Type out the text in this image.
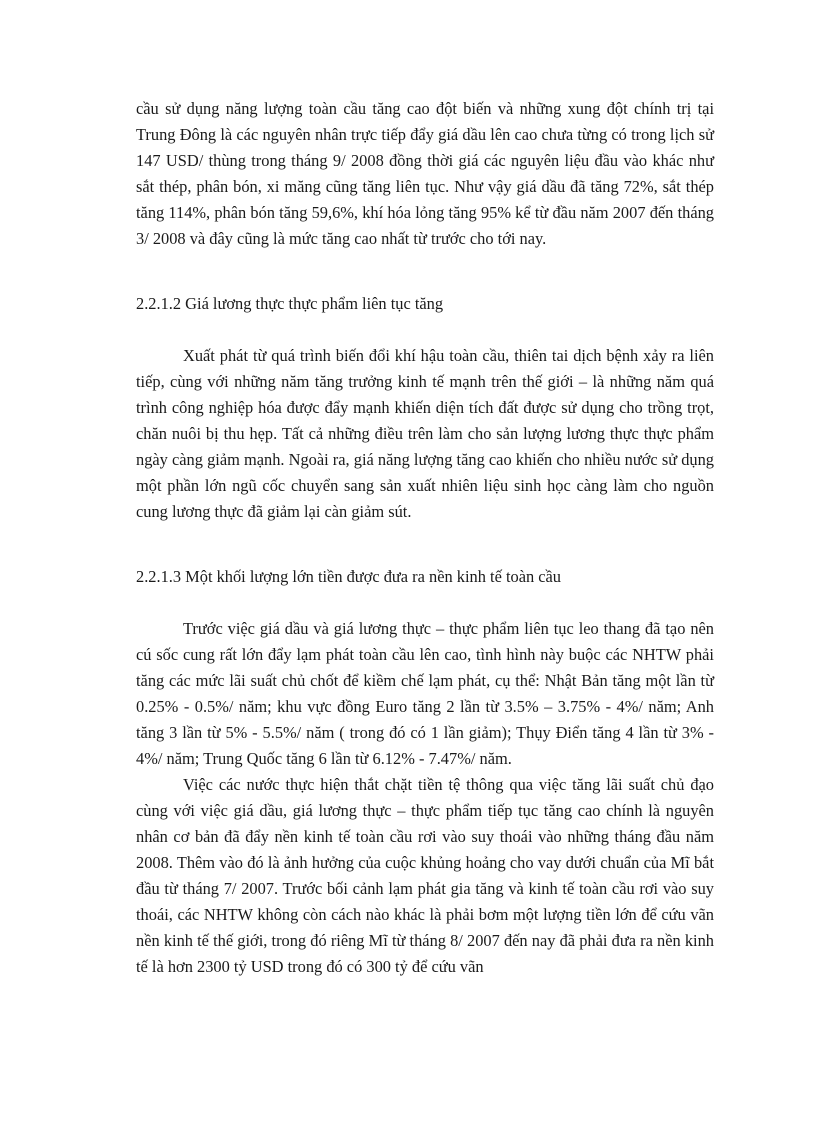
cầu sử dụng năng lượng toàn cầu tăng cao đột biến và những xung đột chính trị tại Trung Đông là các nguyên nhân trực tiếp đẩy giá dầu lên cao chưa từng có trong lịch sử 147 USD/ thùng trong tháng 9/ 2008 đồng thời giá các nguyên liệu đầu vào khác như sắt thép, phân bón, xi măng cũng tăng liên tục. Như vậy giá dầu đã tăng 72%, sắt thép tăng 114%, phân bón tăng 59,6%, khí hóa lỏng tăng 95% kể từ đầu năm 2007 đến tháng 3/ 2008 và đây cũng là mức tăng cao nhất từ trước cho tới nay.

2.2.1.2 Giá lương thực thực phẩm liên tục tăng

Xuất phát từ quá trình biến đổi khí hậu toàn cầu, thiên tai dịch bệnh xảy ra liên tiếp, cùng với những năm tăng trưởng kinh tế mạnh trên thế giới – là những năm quá trình công nghiệp hóa được đẩy mạnh khiến diện tích đất được sử dụng cho trồng trọt, chăn nuôi bị thu hẹp. Tất cả những điều trên làm cho sản lượng lương thực thực phẩm ngày càng giảm mạnh. Ngoài ra, giá năng lượng tăng cao khiến cho nhiều nước sử dụng một phần lớn ngũ cốc chuyển sang sản xuất nhiên liệu sinh học càng làm cho nguồn cung lương thực đã giảm lại càn giảm sút.

2.2.1.3 Một khối lượng lớn tiền được đưa ra nền kinh tế toàn cầu

Trước việc giá dầu và giá lương thực – thực phẩm liên tục leo thang đã tạo nên cú sốc cung rất lớn đẩy lạm phát toàn cầu lên cao, tình hình này buộc các NHTW phải tăng các mức lãi suất chủ chốt để kiềm chế lạm phát, cụ thể: Nhật Bản tăng một lần từ 0.25% - 0.5%/ năm; khu vực đồng Euro tăng 2 lần từ 3.5% – 3.75% - 4%/ năm; Anh tăng 3 lần từ 5% - 5.5%/ năm ( trong đó có 1 lần giảm); Thụy Điển tăng 4 lần từ 3% - 4%/ năm; Trung Quốc tăng 6 lần từ 6.12% - 7.47%/ năm.

Việc các nước thực hiện thắt chặt tiền tệ thông qua việc tăng lãi suất chủ đạo cùng với việc giá dầu, giá lương thực – thực phẩm tiếp tục tăng cao chính là nguyên nhân cơ bản đã đẩy nền kinh tế toàn cầu rơi vào suy thoái vào những tháng đầu năm 2008. Thêm vào đó là ảnh hưởng của cuộc khủng hoảng cho vay dưới chuẩn của Mĩ bắt đầu từ tháng 7/ 2007. Trước bối cảnh lạm phát gia tăng và kinh tế toàn cầu rơi vào suy thoái, các NHTW không còn cách nào khác là phải bơm một lượng tiền lớn để cứu vãn nền kinh tế thế giới, trong đó riêng Mĩ từ tháng 8/ 2007 đến nay đã phải đưa ra nền kinh tế là hơn 2300 tỷ USD trong đó có 300 tỷ để cứu vãn
